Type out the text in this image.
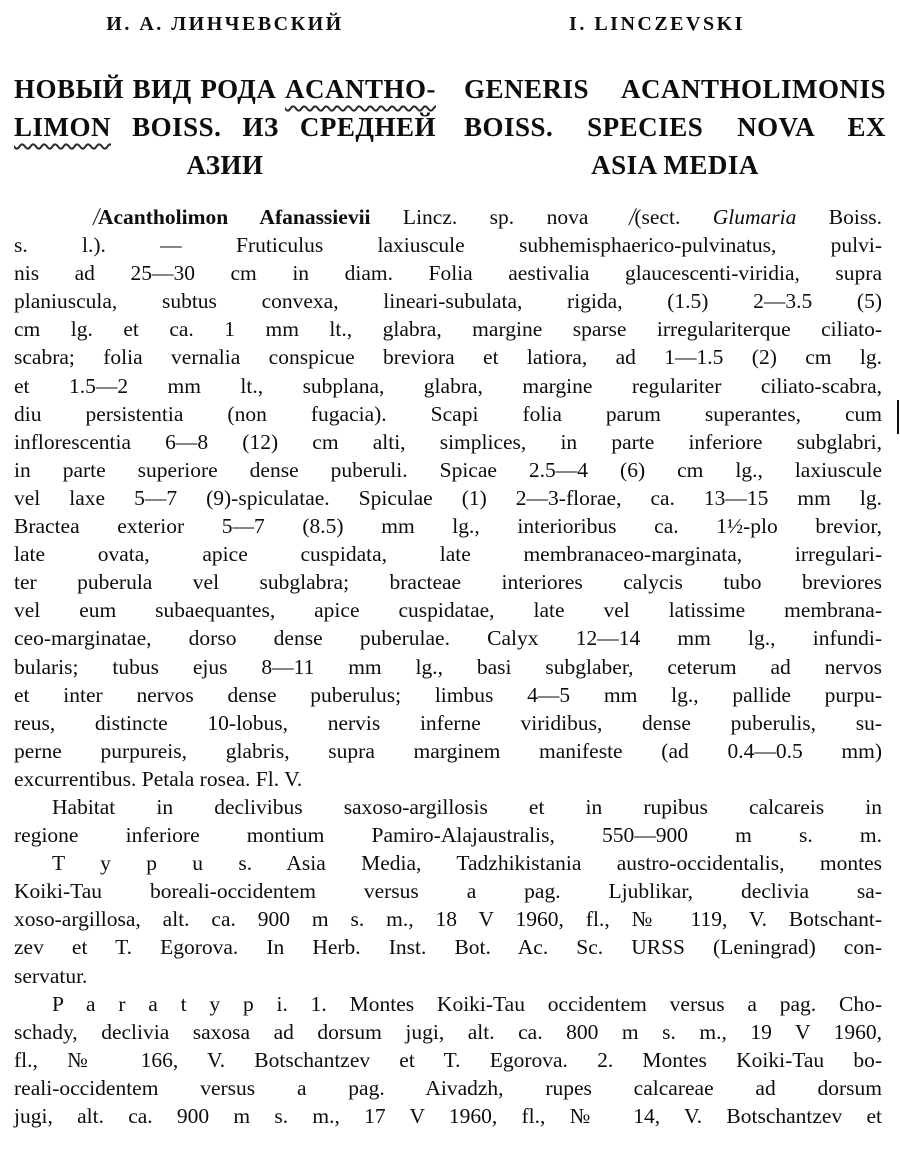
И. А. ЛИНЧЕВСКИЙ	I. LINCZEVSKI
НОВЫЙ ВИД РОДА ACANTHO-
LIMON BOISS. ИЗ СРЕДНЕЙ
АЗИИ
GENERIS ACANTHOLIMONIS
BOISS. SPECIES NOVA EX
ASIA MEDIA
/Acantholimon Afanassievii Lincz. sp. nova /(sect. Glumaria Boiss.
s. l.). — Fruticulus laxiuscule subhemisphaerico-pulvinatus, pulvi-
nis ad 25—30 cm in diam. Folia aestivalia glaucescenti-viridia, supra
planiuscula, subtus convexa, lineari-subulata, rigida, (1.5) 2—3.5 (5)
cm lg. et ca. 1 mm lt., glabra, margine sparse irregulariterque ciliato-
scabra; folia vernalia conspicue breviora et latiora, ad 1—1.5 (2) cm lg.
et 1.5—2 mm lt., subplana, glabra, margine regulariter ciliato-scabra,
diu persistentia (non fugacia). Scapi folia parum superantes, cum
inflorescentia 6—8 (12) cm alti, simplices, in parte inferiore subglabri,
in parte superiore dense puberuli. Spicae 2.5—4 (6) cm lg., laxiuscule
vel laxe 5—7 (9)-spiculatae. Spiculae (1) 2—3-florae, ca. 13—15 mm lg.
Bractea exterior 5—7 (8.5) mm lg., interioribus ca. 1½-plo brevior,
late ovata, apice cuspidata, late membranaceo-marginata, irregulari-
ter puberula vel subglabra; bracteae interiores calycis tubo breviores
vel eum subaequantes, apice cuspidatae, late vel latissime membrana-
ceo-marginatae, dorso dense puberulae. Calyx 12—14 mm lg., infundi-
bularis; tubus ejus 8—11 mm lg., basi subglaber, ceterum ad nervos
et inter nervos dense puberulus; limbus 4—5 mm lg., pallide purpu-
reus, distincte 10-lobus, nervis inferne viridibus, dense puberulis, su-
perne purpureis, glabris, supra marginem manifeste (ad 0.4—0.5 mm)
excurrentibus. Petala rosea. Fl. V.
Habitat in declivibus saxoso-argillosis et in rupibus calcareis in
regione inferiore montium Pamiro-Alajaustralis, 550—900 m s. m.
T y p u s. Asia Media, Tadzhikistania austro-occidentalis, montes
Koiki-Tau boreali-occidentem versus a pag. Ljublikar, declivia sa-
xoso-argillosa, alt. ca. 900 m s. m., 18 V 1960, fl., № 119, V. Botschant-
zev et T. Egorova. In Herb. Inst. Bot. Ac. Sc. URSS (Leningrad) con-
servatur.
P a r a t y p i. 1. Montes Koiki-Tau occidentem versus a pag. Cho-
schady, declivia saxosa ad dorsum jugi, alt. ca. 800 m s. m., 19 V 1960,
fl., № 166, V. Botschantzev et T. Egorova. 2. Montes Koiki-Tau bo-
reali-occidentem versus a pag. Aivadzh, rupes calcareae ad dorsum
jugi, alt. ca. 900 m s. m., 17 V 1960, fl., № 14, V. Botschantzev et
